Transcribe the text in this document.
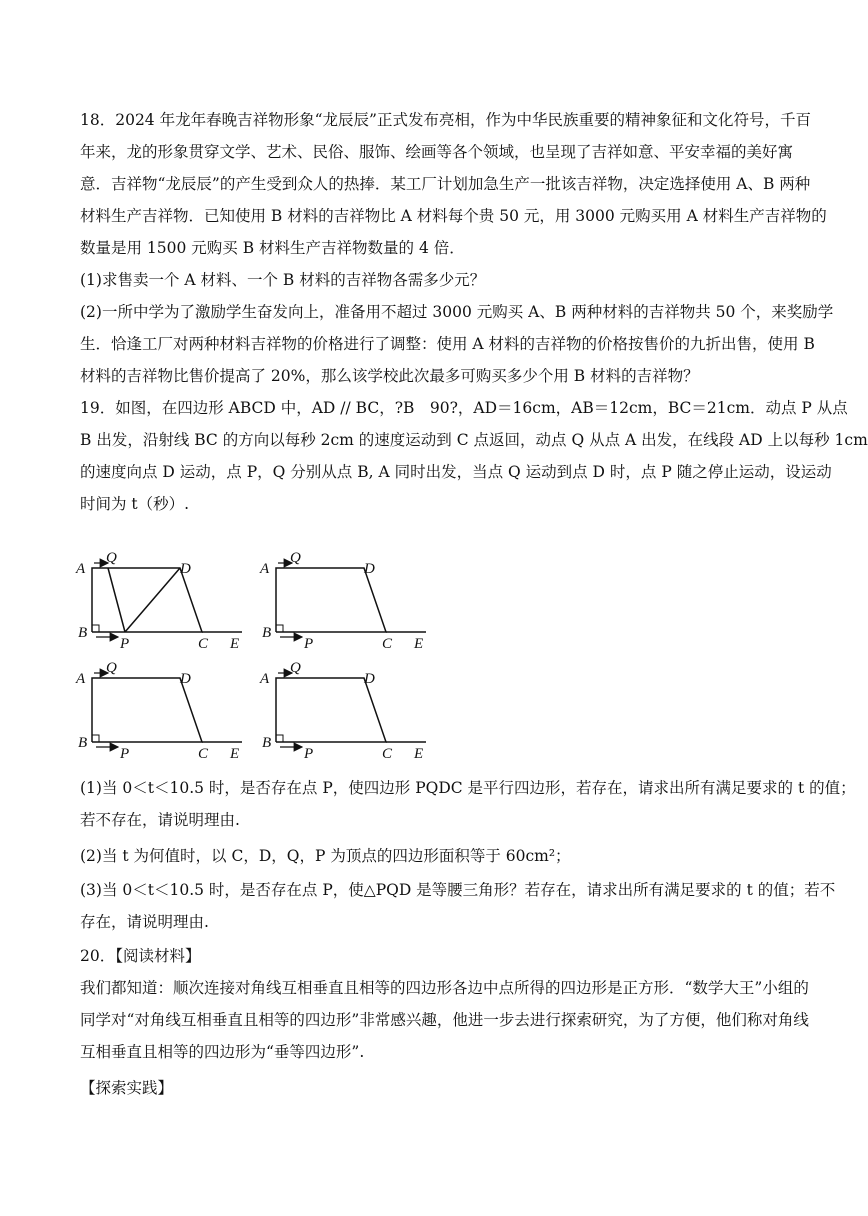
18．2024 年龙年春晚吉祥物形象“龙辰辰”正式发布亮相，作为中华民族重要的精神象征和文化符号，千百
年来，龙的形象贯穿文学、艺术、民俗、服饰、绘画等各个领域，也呈现了吉祥如意、平安幸福的美好寓
意．吉祥物“龙辰辰”的产生受到众人的热捧．某工厂计划加急生产一批该吉祥物，决定选择使用 A、B 两种
材料生产吉祥物．已知使用 B 材料的吉祥物比 A 材料每个贵 50 元，用 3000 元购买用 A 材料生产吉祥物的
数量是用 1500 元购买 B 材料生产吉祥物数量的 4 倍．
(1)求售卖一个 A 材料、一个 B 材料的吉祥物各需多少元？
(2)一所中学为了激励学生奋发向上，准备用不超过 3000 元购买 A、B 两种材料的吉祥物共 50 个，来奖励学
生．恰逢工厂对两种材料吉祥物的价格进行了调整：使用 A 材料的吉祥物的价格按售价的九折出售，使用 B
材料的吉祥物比售价提高了 20%，那么该学校此次最多可购买多少个用 B 材料的吉祥物？
19．如图，在四边形 ABCD 中，AD // BC，?B　90?，AD＝16cm，AB＝12cm，BC＝21cm．动点 P 从点
B 出发，沿射线 BC 的方向以每秒 2cm 的速度运动到 C 点返回，动点 Q 从点 A 出发，在线段 AD 上以每秒 1cm
的速度向点 D 运动，点 P，Q 分别从点 B, A 同时出发，当点 Q 运动到点 D 时，点 P 随之停止运动，设运动
时间为 t（秒）.
A
Q
D
B
P	C E
A
Q
D
B
P	C E
A
Q
D
B
P	C E
A
Q
D
B
P	C E
(1)当 0＜t＜10.5 时，是否存在点 P，使四边形 PQDC 是平行四边形，若存在，请求出所有满足要求的 t 的值；
若不存在，请说明理由.
(2)当 t 为何值时，以 C，D，Q，P 为顶点的四边形面积等于 60cm²；
(3)当 0＜t＜10.5 时，是否存在点 P，使△PQD 是等腰三角形？若存在，请求出所有满足要求的 t 的值；若不
存在，请说明理由.
20．【阅读材料】
我们都知道：顺次连接对角线互相垂直且相等的四边形各边中点所得的四边形是正方形．“数学大王”小组的
同学对“对角线互相垂直且相等的四边形”非常感兴趣，他进一步去进行探索研究，为了方便，他们称对角线
互相垂直且相等的四边形为“垂等四边形”.
【探索实践】
